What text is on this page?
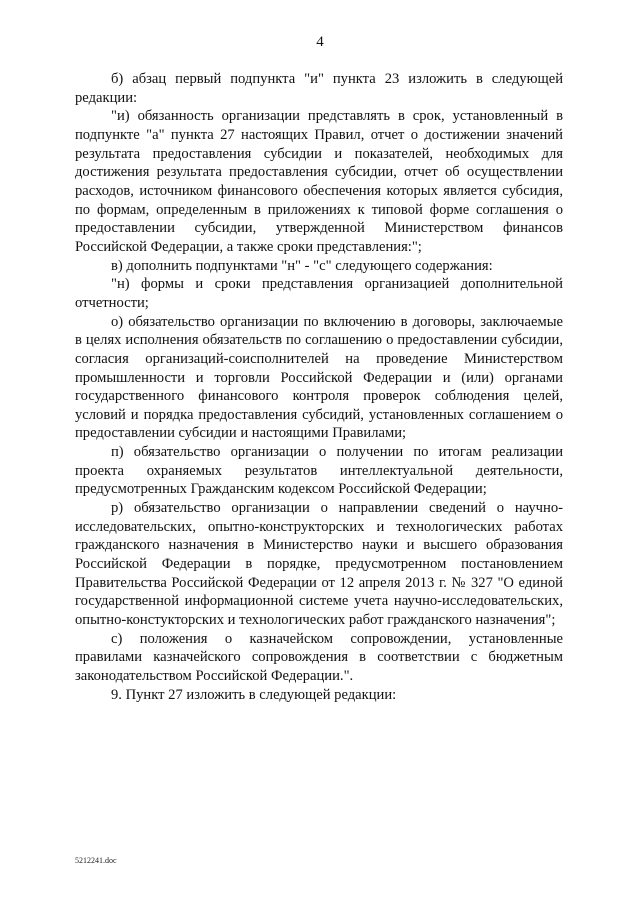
4

б) абзац первый подпункта "и" пункта 23 изложить в следующей редакции:

"и) обязанность организации представлять в срок, установленный в подпункте "а" пункта 27 настоящих Правил, отчет о достижении значений результата предоставления субсидии и показателей, необходимых для достижения результата предоставления субсидии, отчет об осуществлении расходов, источником финансового обеспечения которых является субсидия, по формам, определенным в приложениях к типовой форме соглашения о предоставлении субсидии, утвержденной Министерством финансов Российской Федерации, а также сроки представления:";

в) дополнить подпунктами "н" - "с" следующего содержания:

"н) формы и сроки представления организацией дополнительной отчетности;

о) обязательство организации по включению в договоры, заключаемые в целях исполнения обязательств по соглашению о предоставлении субсидии, согласия организаций-соисполнителей на проведение Министерством промышленности и торговли Российской Федерации и (или) органами государственного финансового контроля проверок соблюдения целей, условий и порядка предоставления субсидий, установленных соглашением о предоставлении субсидии и настоящими Правилами;

п) обязательство организации о получении по итогам реализации проекта охраняемых результатов интеллектуальной деятельности, предусмотренных Гражданским кодексом Российской Федерации;

р) обязательство организации о направлении сведений о научно-исследовательских, опытно-конструкторских и технологических работах гражданского назначения в Министерство науки и высшего образования Российской Федерации в порядке, предусмотренном постановлением Правительства Российской Федерации от 12 апреля 2013 г. № 327 "О единой государственной информационной системе учета научно-исследовательских, опытно-констукторских и технологических работ гражданского назначения";

с) положения о казначейском сопровождении, установленные правилами казначейского сопровождения в соответствии с бюджетным законодательством Российской Федерации.".

9. Пункт 27 изложить в следующей редакции:

5212241.doc
